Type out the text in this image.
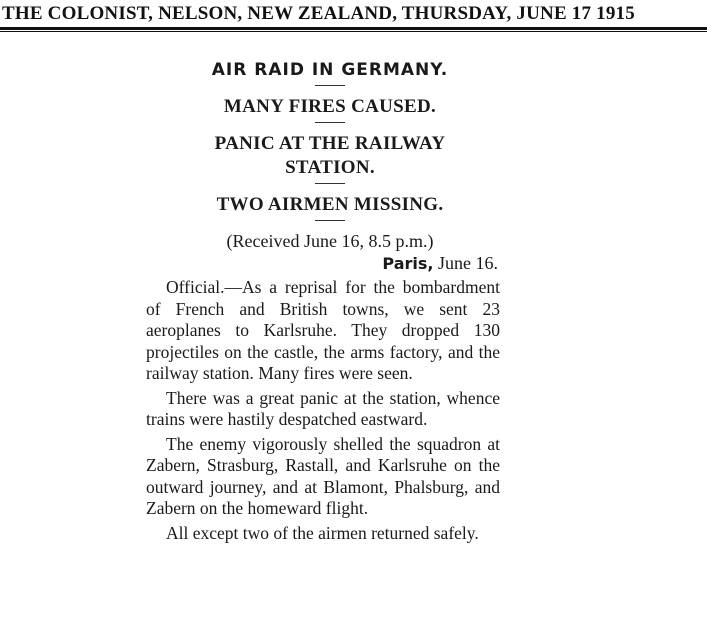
THE COLONIST, NELSON, NEW ZEALAND, THURSDAY, JUNE 17 1915
AIR RAID IN GERMANY.
MANY FIRES CAUSED.
PANIC AT THE RAILWAY STATION.
TWO AIRMEN MISSING.
(Received June 16, 8.5 p.m.)
Paris, June 16.

Official.—As a reprisal for the bombardment of French and British towns, we sent 23 aeroplanes to Karlsruhe. They dropped 130 projectiles on the castle, the arms factory, and the railway station. Many fires were seen.

There was a great panic at the station, whence trains were hastily despatched eastward.

The enemy vigorously shelled the squadron at Zabern, Strasburg, Rastall, and Karlsruhe on the outward journey, and at Blamont, Phalsburg, and Zabern on the homeward flight.

All except two of the airmen returned safely.
